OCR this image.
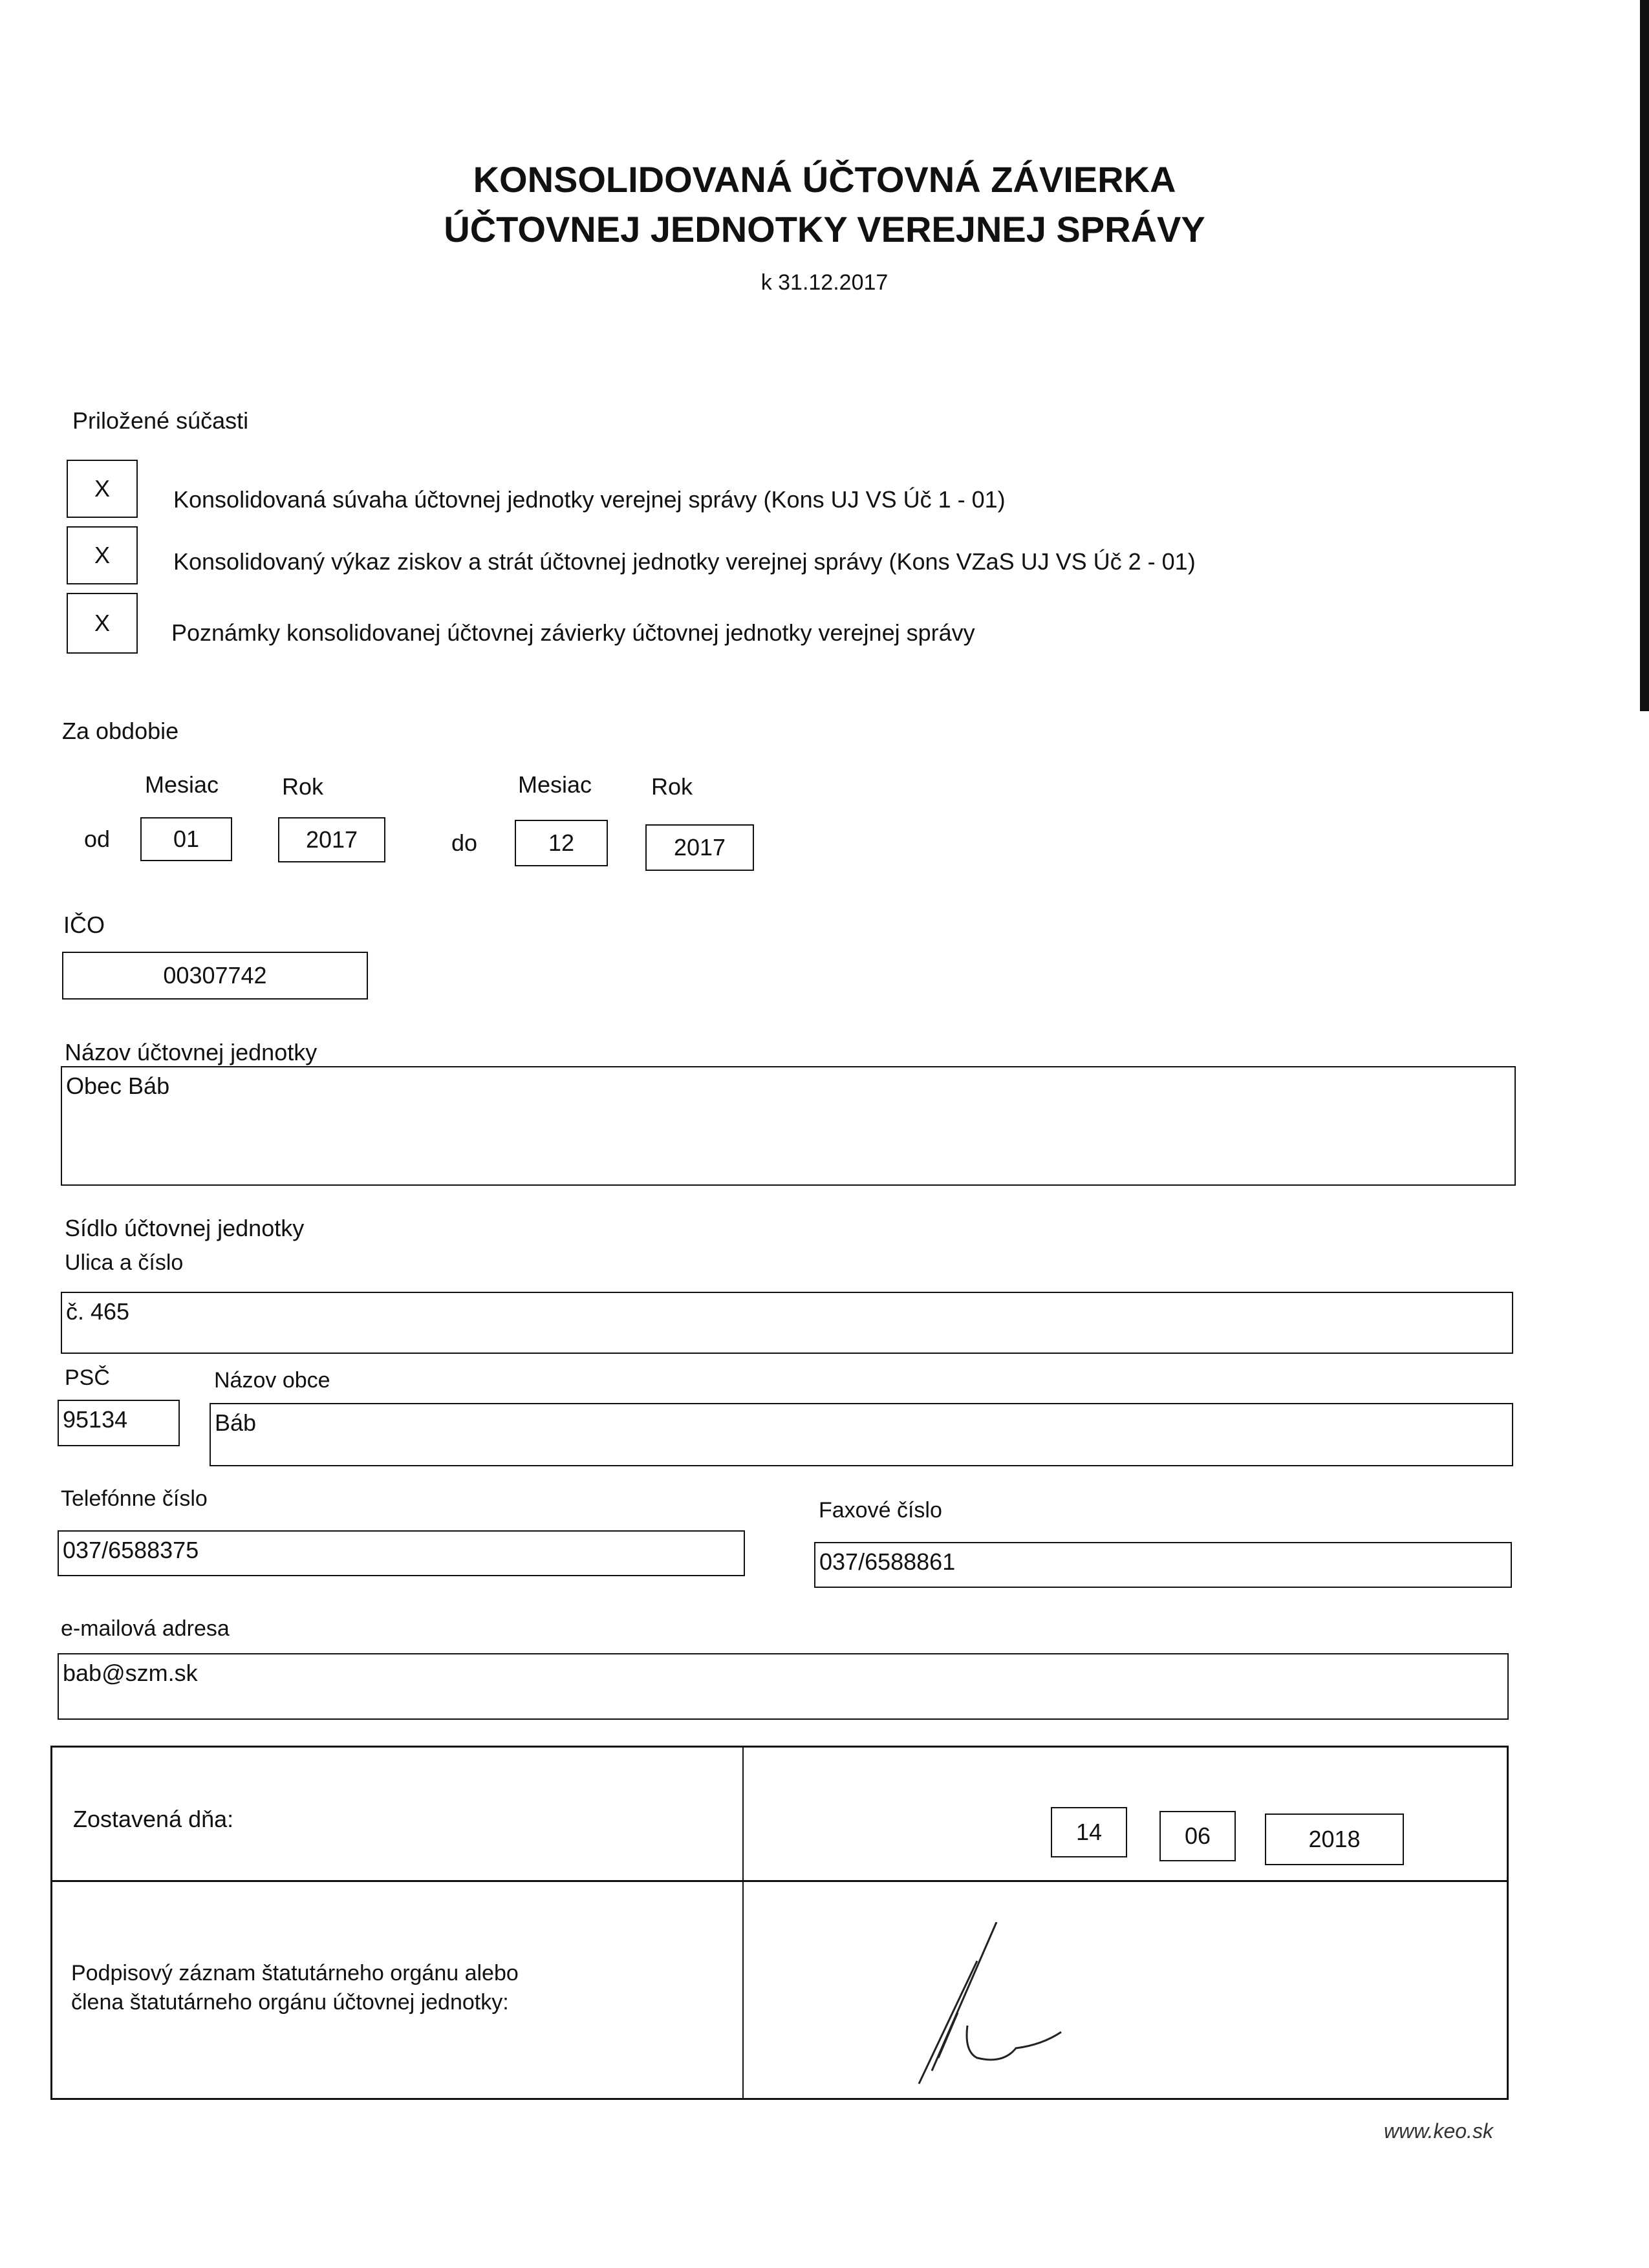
KONSOLIDOVANÁ ÚČTOVNÁ ZÁVIERKA
ÚČTOVNEJ JEDNOTKY VEREJNEJ SPRÁVY
k 31.12.2017
Priložené súčasti
X	Konsolidovaná súvaha účtovnej jednotky verejnej správy (Kons UJ VS Úč 1 - 01)
X	Konsolidovaný výkaz ziskov a strát účtovnej jednotky verejnej správy (Kons VZaS UJ VS Úč 2 - 01)
X	Poznámky konsolidovanej účtovnej závierky účtovnej jednotky verejnej správy
Za obdobie
Mesiac	Rok	Mesiac	Rok
od	01	2017	do	12	2017
IČO
00307742
Názov účtovnej jednotky
Obec Báb
Sídlo účtovnej jednotky
Ulica a číslo
č. 465
PSČ	Názov obce
95134	Báb
Telefónne číslo
037/6588375
Faxové číslo
037/6588861
e-mailová adresa
bab@szm.sk
Zostavená dňa:	14	06	2018
Podpisový záznam štatutárneho orgánu alebo
člena štatutárneho orgánu účtovnej jednotky:
www.keo.sk
